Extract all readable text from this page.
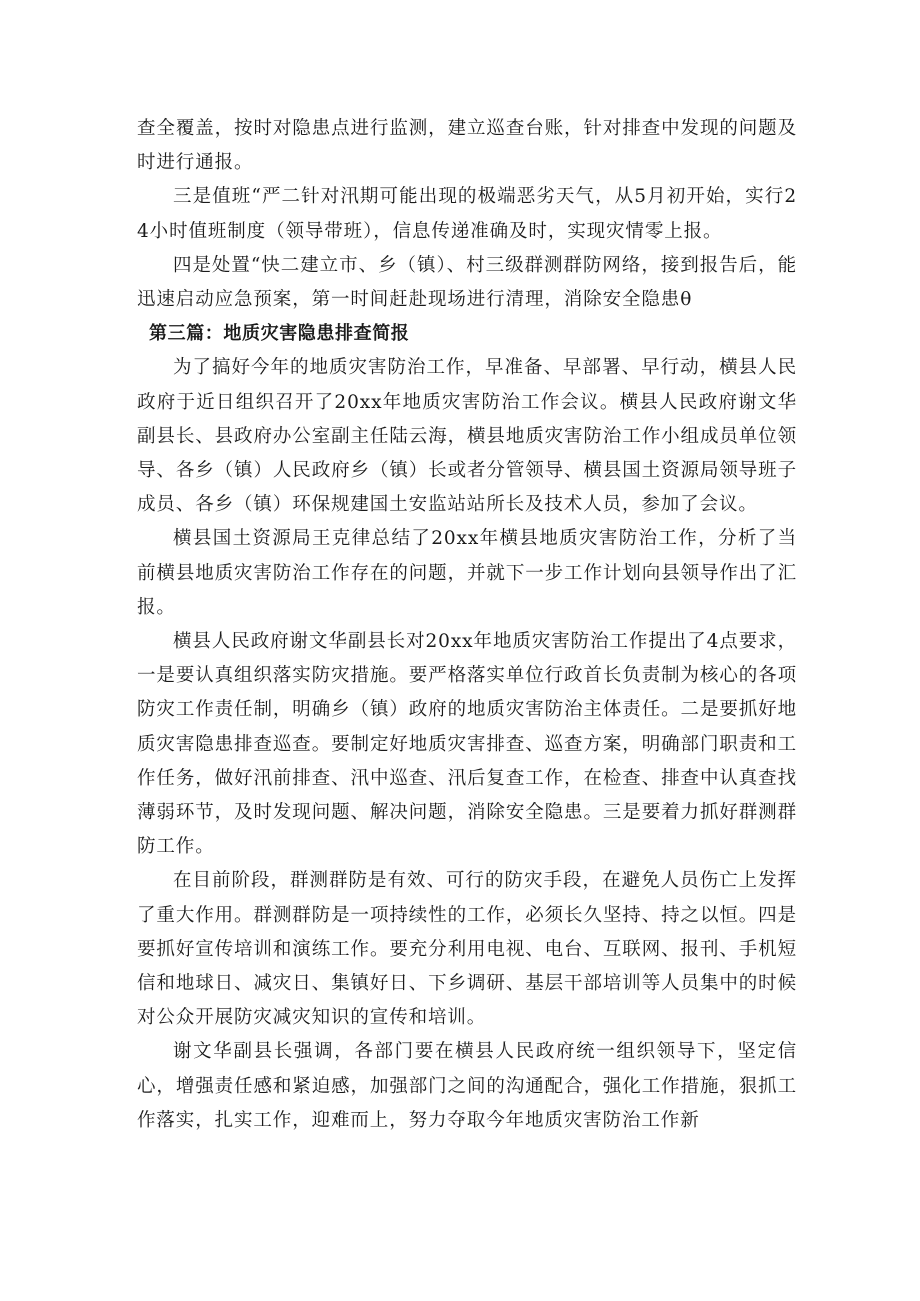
查全覆盖，按时对隐患点进行监测，建立巡查台账，针对排查中发现的问题及时进行通报。

三是值班“严二针对汛期可能出现的极端恶劣天气，从5月初开始，实行24小时值班制度（领导带班），信息传递准确及时，实现灾情零上报。

四是处置“快二建立市、乡（镇）、村三级群测群防网络，接到报告后，能迅速启动应急预案，第一时间赶赴现场进行清理，消除安全隐患θ

第三篇：地质灾害隐患排查简报

为了搞好今年的地质灾害防治工作，早准备、早部署、早行动，横县人民政府于近日组织召开了20xx年地质灾害防治工作会议。横县人民政府谢文华副县长、县政府办公室副主任陆云海，横县地质灾害防治工作小组成员单位领导、各乡（镇）人民政府乡（镇）长或者分管领导、横县国土资源局领导班子成员、各乡（镇）环保规建国土安监站站所长及技术人员，参加了会议。

横县国土资源局王克律总结了20xx年横县地质灾害防治工作，分析了当前横县地质灾害防治工作存在的问题，并就下一步工作计划向县领导作出了汇报。

横县人民政府谢文华副县长对20xx年地质灾害防治工作提出了4点要求，一是要认真组织落实防灾措施。要严格落实单位行政首长负责制为核心的各项防灾工作责任制，明确乡（镇）政府的地质灾害防治主体责任。二是要抓好地质灾害隐患排查巡查。要制定好地质灾害排查、巡查方案，明确部门职责和工作任务，做好汛前排查、汛中巡查、汛后复查工作，在检查、排查中认真查找薄弱环节，及时发现问题、解决问题，消除安全隐患。三是要着力抓好群测群防工作。

在目前阶段，群测群防是有效、可行的防灾手段，在避免人员伤亡上发挥了重大作用。群测群防是一项持续性的工作，必须长久坚持、持之以恒。四是要抓好宣传培训和演练工作。要充分利用电视、电台、互联网、报刊、手机短信和地球日、减灾日、集镇好日、下乡调研、基层干部培训等人员集中的时候对公众开展防灾减灾知识的宣传和培训。

谢文华副县长强调，各部门要在横县人民政府统一组织领导下，坚定信心，增强责任感和紧迫感，加强部门之间的沟通配合，强化工作措施，狠抓工作落实，扎实工作，迎难而上，努力夺取今年地质灾害防治工作新
